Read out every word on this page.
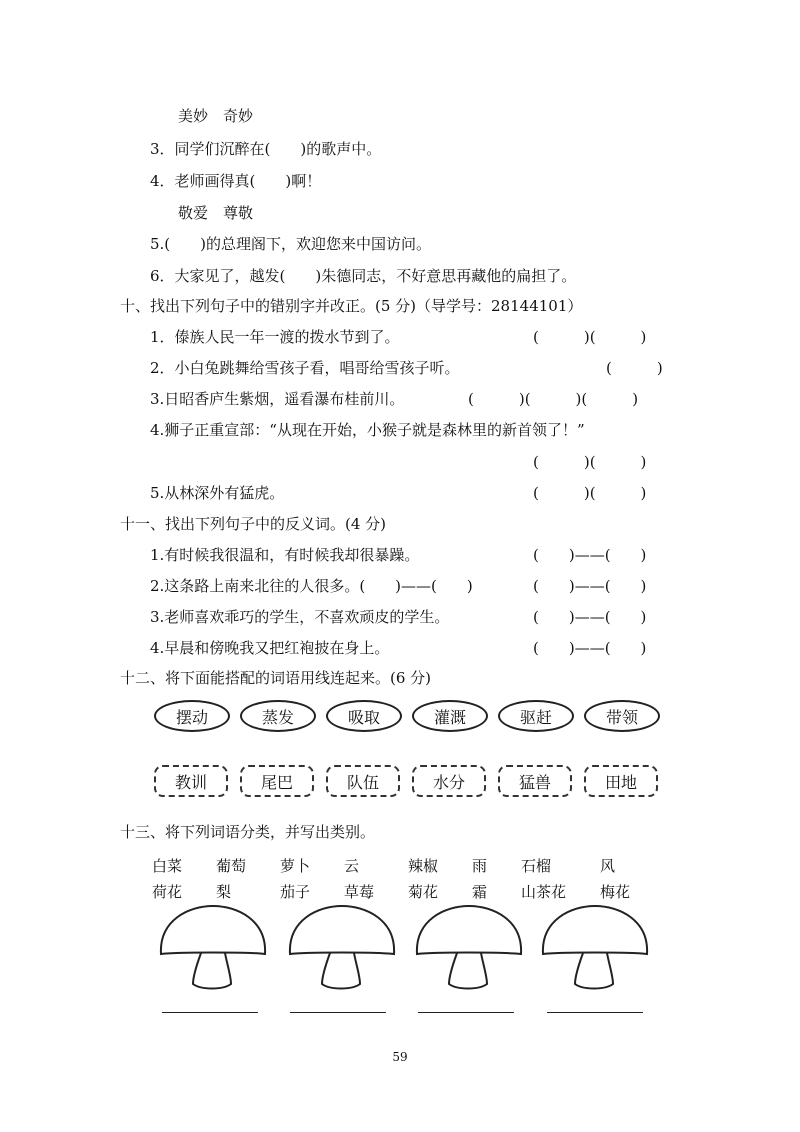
美妙　奇妙
3．同学们沉醉在(　　)的歌声中。
4．老师画得真(　　)啊！
敬爱　尊敬
5.(　　)的总理阁下，欢迎您来中国访问。
6．大家见了，越发(　　)朱德同志，不好意思再藏他的扁担了。
十、找出下列句子中的错别字并改正。(5 分)（导学号：28144101）
1．傣族人民一年一渡的拨水节到了。	(　　　)(　　　)
2．小白兔跳舞给雪孩子看，唱哥给雪孩子听。	(　　　)
3.日昭香庐生紫烟，遥看瀑布桂前川。	(　　　)(　　　)(　　　)
4.狮子正重宣部：“从现在开始，小猴子就是森林里的新首领了！”
(　　　)(　　　)
5.从林深外有猛虎。	(　　　)(　　　)
十一、找出下列句子中的反义词。(4 分)
1.有时候我很温和，有时候我却很暴躁。	(　　)——(　　)
2.这条路上南来北往的人很多。(　　)——(　　)	(　　)——(　　)
3.老师喜欢乖巧的学生，不喜欢顽皮的学生。	(　　)——(　　)
4.早晨和傍晚我又把红袍披在身上。	(　　)——(　　)
十二、将下面能搭配的词语用线连起来。(6 分)
摆动	蒸发	吸取	灌溉	驱赶	带领
教训	尾巴	队伍	水分	猛兽	田地
十三、将下列词语分类，并写出类别。
白菜 葡萄 萝卜 云	辣椒 雨 石榴	风
荷花 梨	茄子 草莓 菊花 霜 山茶花 梅花
59
